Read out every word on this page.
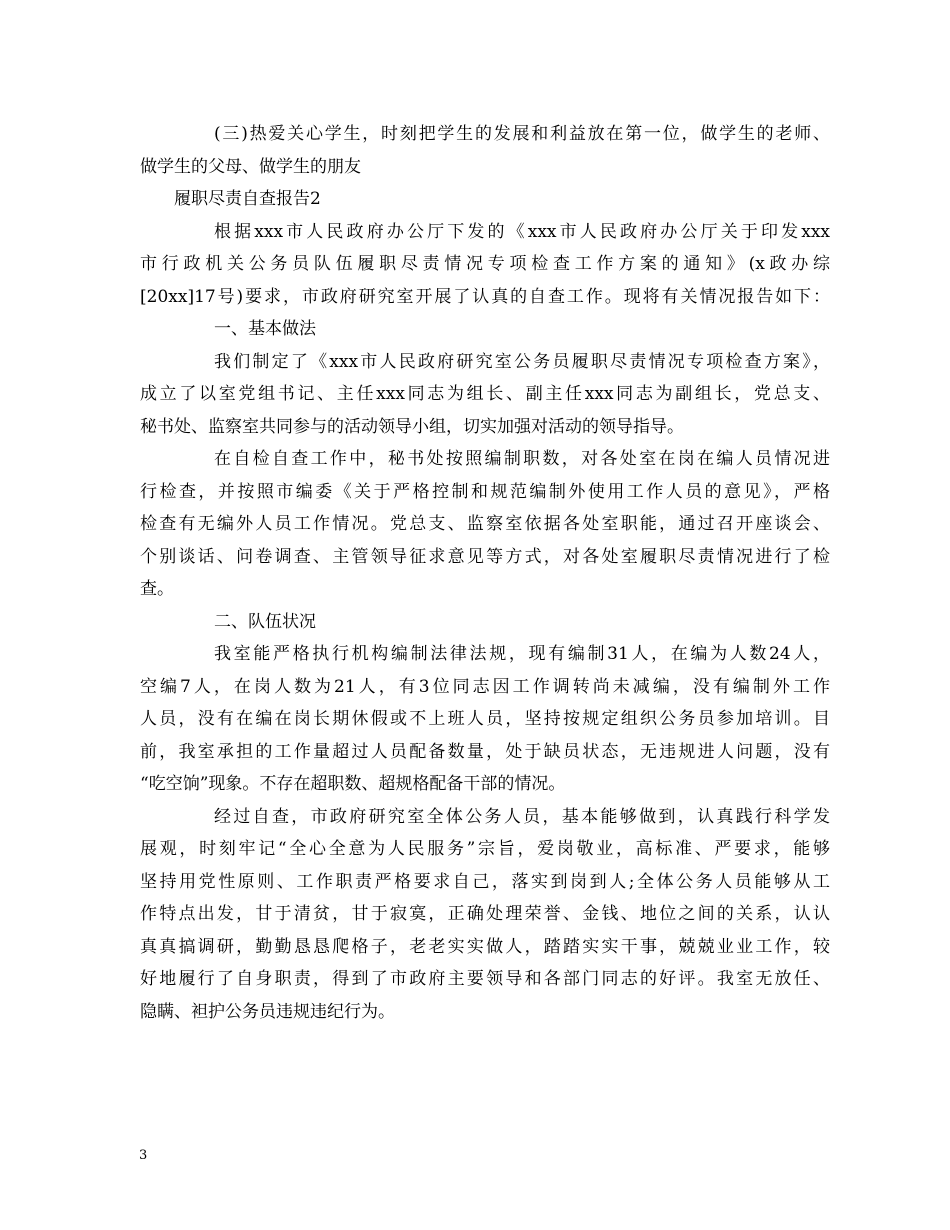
(三)热爱关心学生，时刻把学生的发展和利益放在第一位，做学生的老师、
做学生的父母、做学生的朋友
履职尽责自查报告2
根据xxx市人民政府办公厅下发的《xxx市人民政府办公厅关于印发xxx
市行政机关公务员队伍履职尽责情况专项检查工作方案的通知》(x政办综
[20xx]17号)要求，市政府研究室开展了认真的自查工作。现将有关情况报告如下：
一、基本做法
我们制定了《xxx市人民政府研究室公务员履职尽责情况专项检查方案》，
成立了以室党组书记、主任xxx同志为组长、副主任xxx同志为副组长，党总支、
秘书处、监察室共同参与的活动领导小组，切实加强对活动的领导指导。
在自检自查工作中，秘书处按照编制职数，对各处室在岗在编人员情况进
行检查，并按照市编委《关于严格控制和规范编制外使用工作人员的意见》，严格
检查有无编外人员工作情况。党总支、监察室依据各处室职能，通过召开座谈会、
个别谈话、问卷调查、主管领导征求意见等方式，对各处室履职尽责情况进行了检
查。
二、队伍状况
我室能严格执行机构编制法律法规，现有编制31人，在编为人数24人，
空编7人，在岗人数为21人，有3位同志因工作调转尚未减编，没有编制外工作
人员，没有在编在岗长期休假或不上班人员，坚持按规定组织公务员参加培训。目
前，我室承担的工作量超过人员配备数量，处于缺员状态，无违规进人问题，没有
“吃空饷”现象。不存在超职数、超规格配备干部的情况。
经过自查，市政府研究室全体公务人员，基本能够做到，认真践行科学发
展观，时刻牢记“全心全意为人民服务”宗旨，爱岗敬业，高标准、严要求，能够
坚持用党性原则、工作职责严格要求自己，落实到岗到人;全体公务人员能够从工
作特点出发，甘于清贫，甘于寂寞，正确处理荣誉、金钱、地位之间的关系，认认
真真搞调研，勤勤恳恳爬格子，老老实实做人，踏踏实实干事，兢兢业业工作，较
好地履行了自身职责，得到了市政府主要领导和各部门同志的好评。我室无放任、
隐瞒、袒护公务员违规违纪行为。
3
